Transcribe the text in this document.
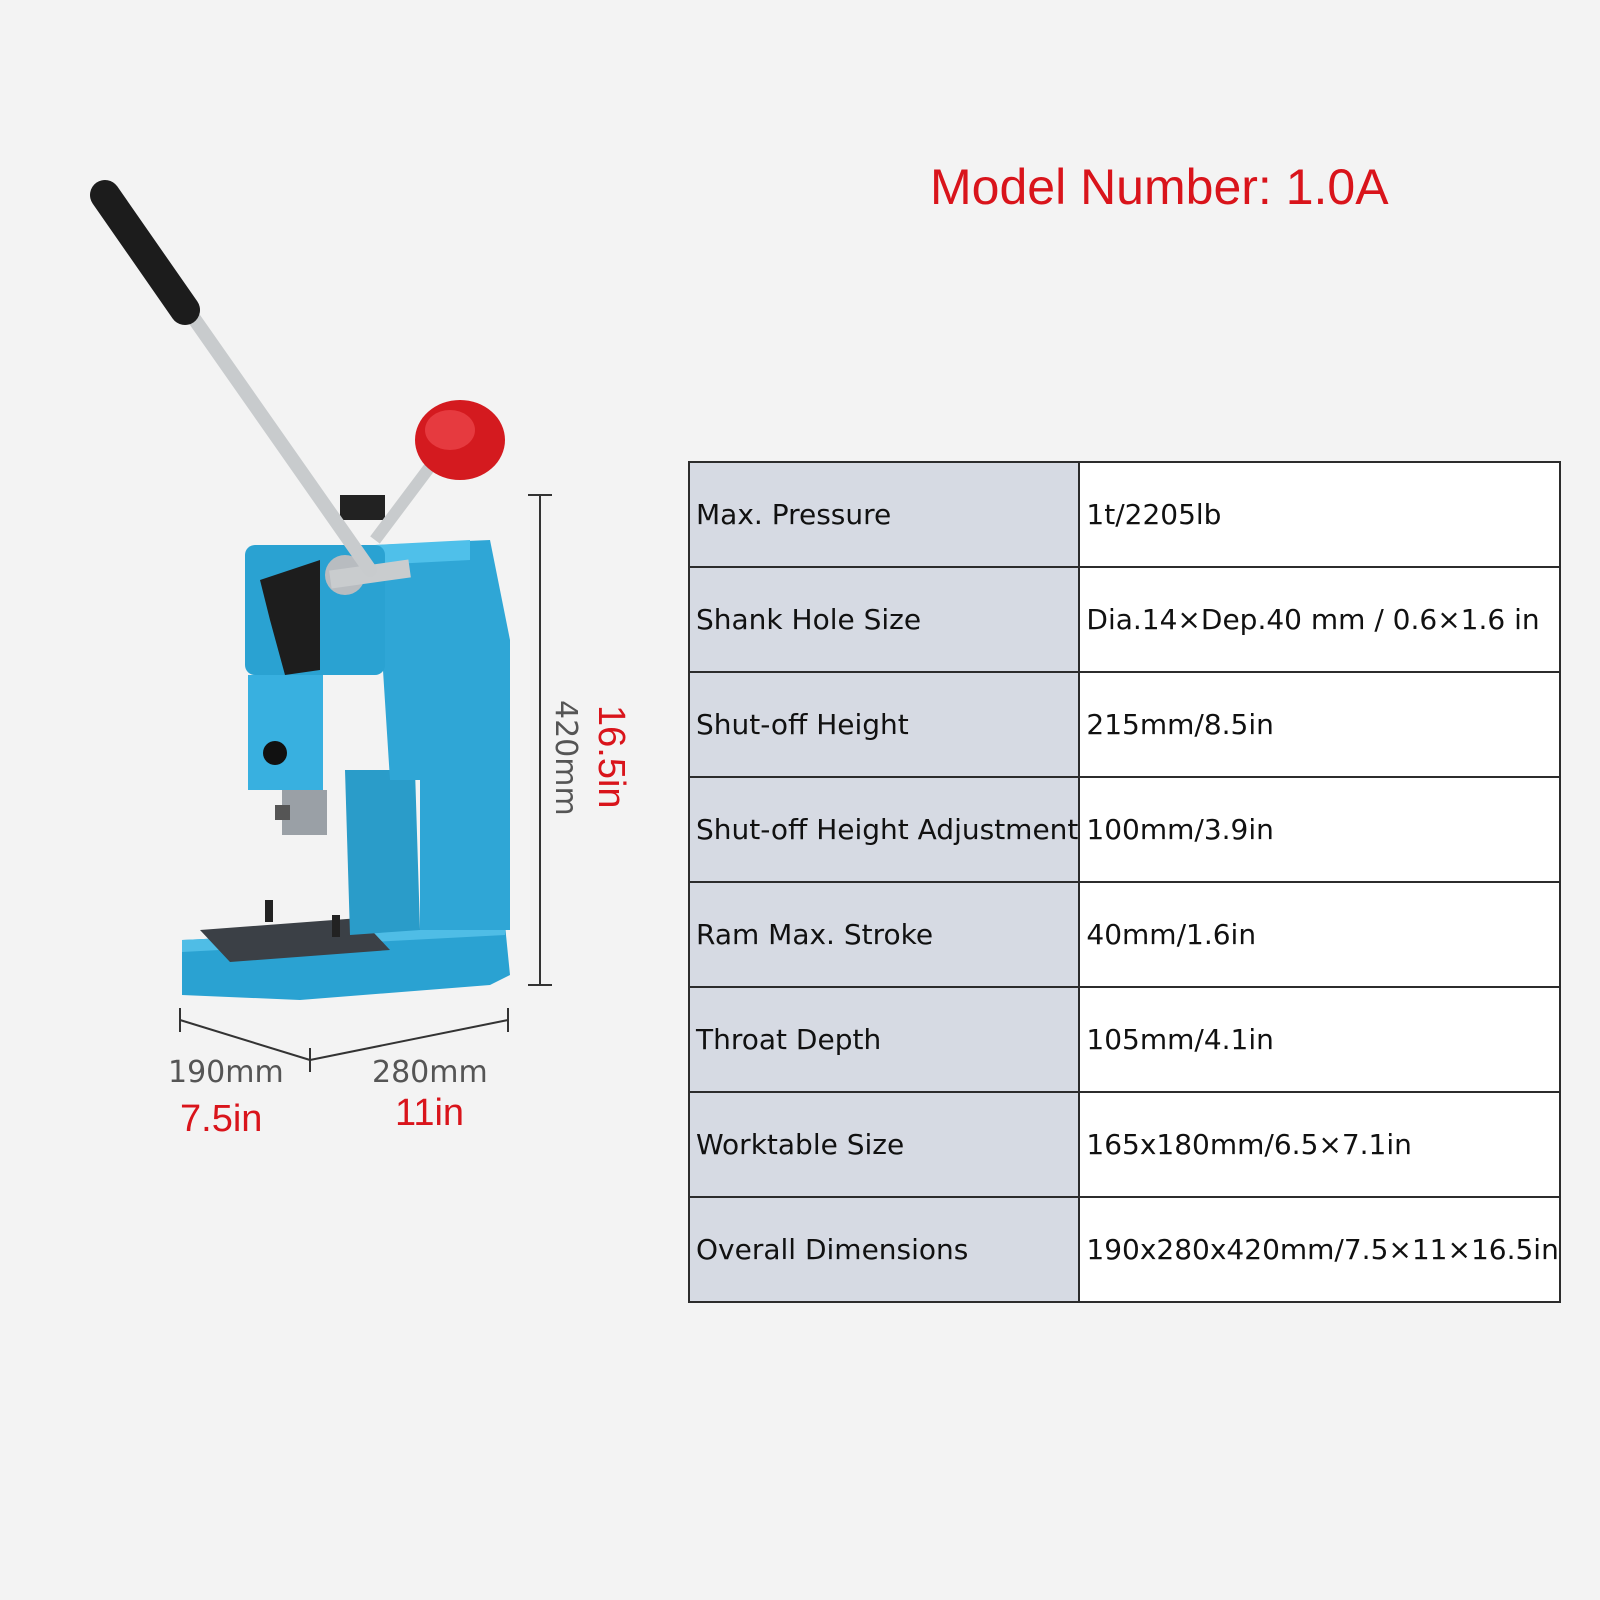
Model Number: 1.0A
420mm 16.5in
190mm
7.5in
280mm
11in
Max. Pressure	1t/2205lb
Shank Hole Size	Dia.14×Dep.40 mm / 0.6×1.6 in
Shut-off Height	215mm/8.5in
Shut-off Height Adjustment	100mm/3.9in
Ram Max. Stroke	40mm/1.6in
Throat Depth	105mm/4.1in
Worktable Size	165x180mm/6.5×7.1in
Overall Dimensions	190x280x420mm/7.5×11×16.5in
